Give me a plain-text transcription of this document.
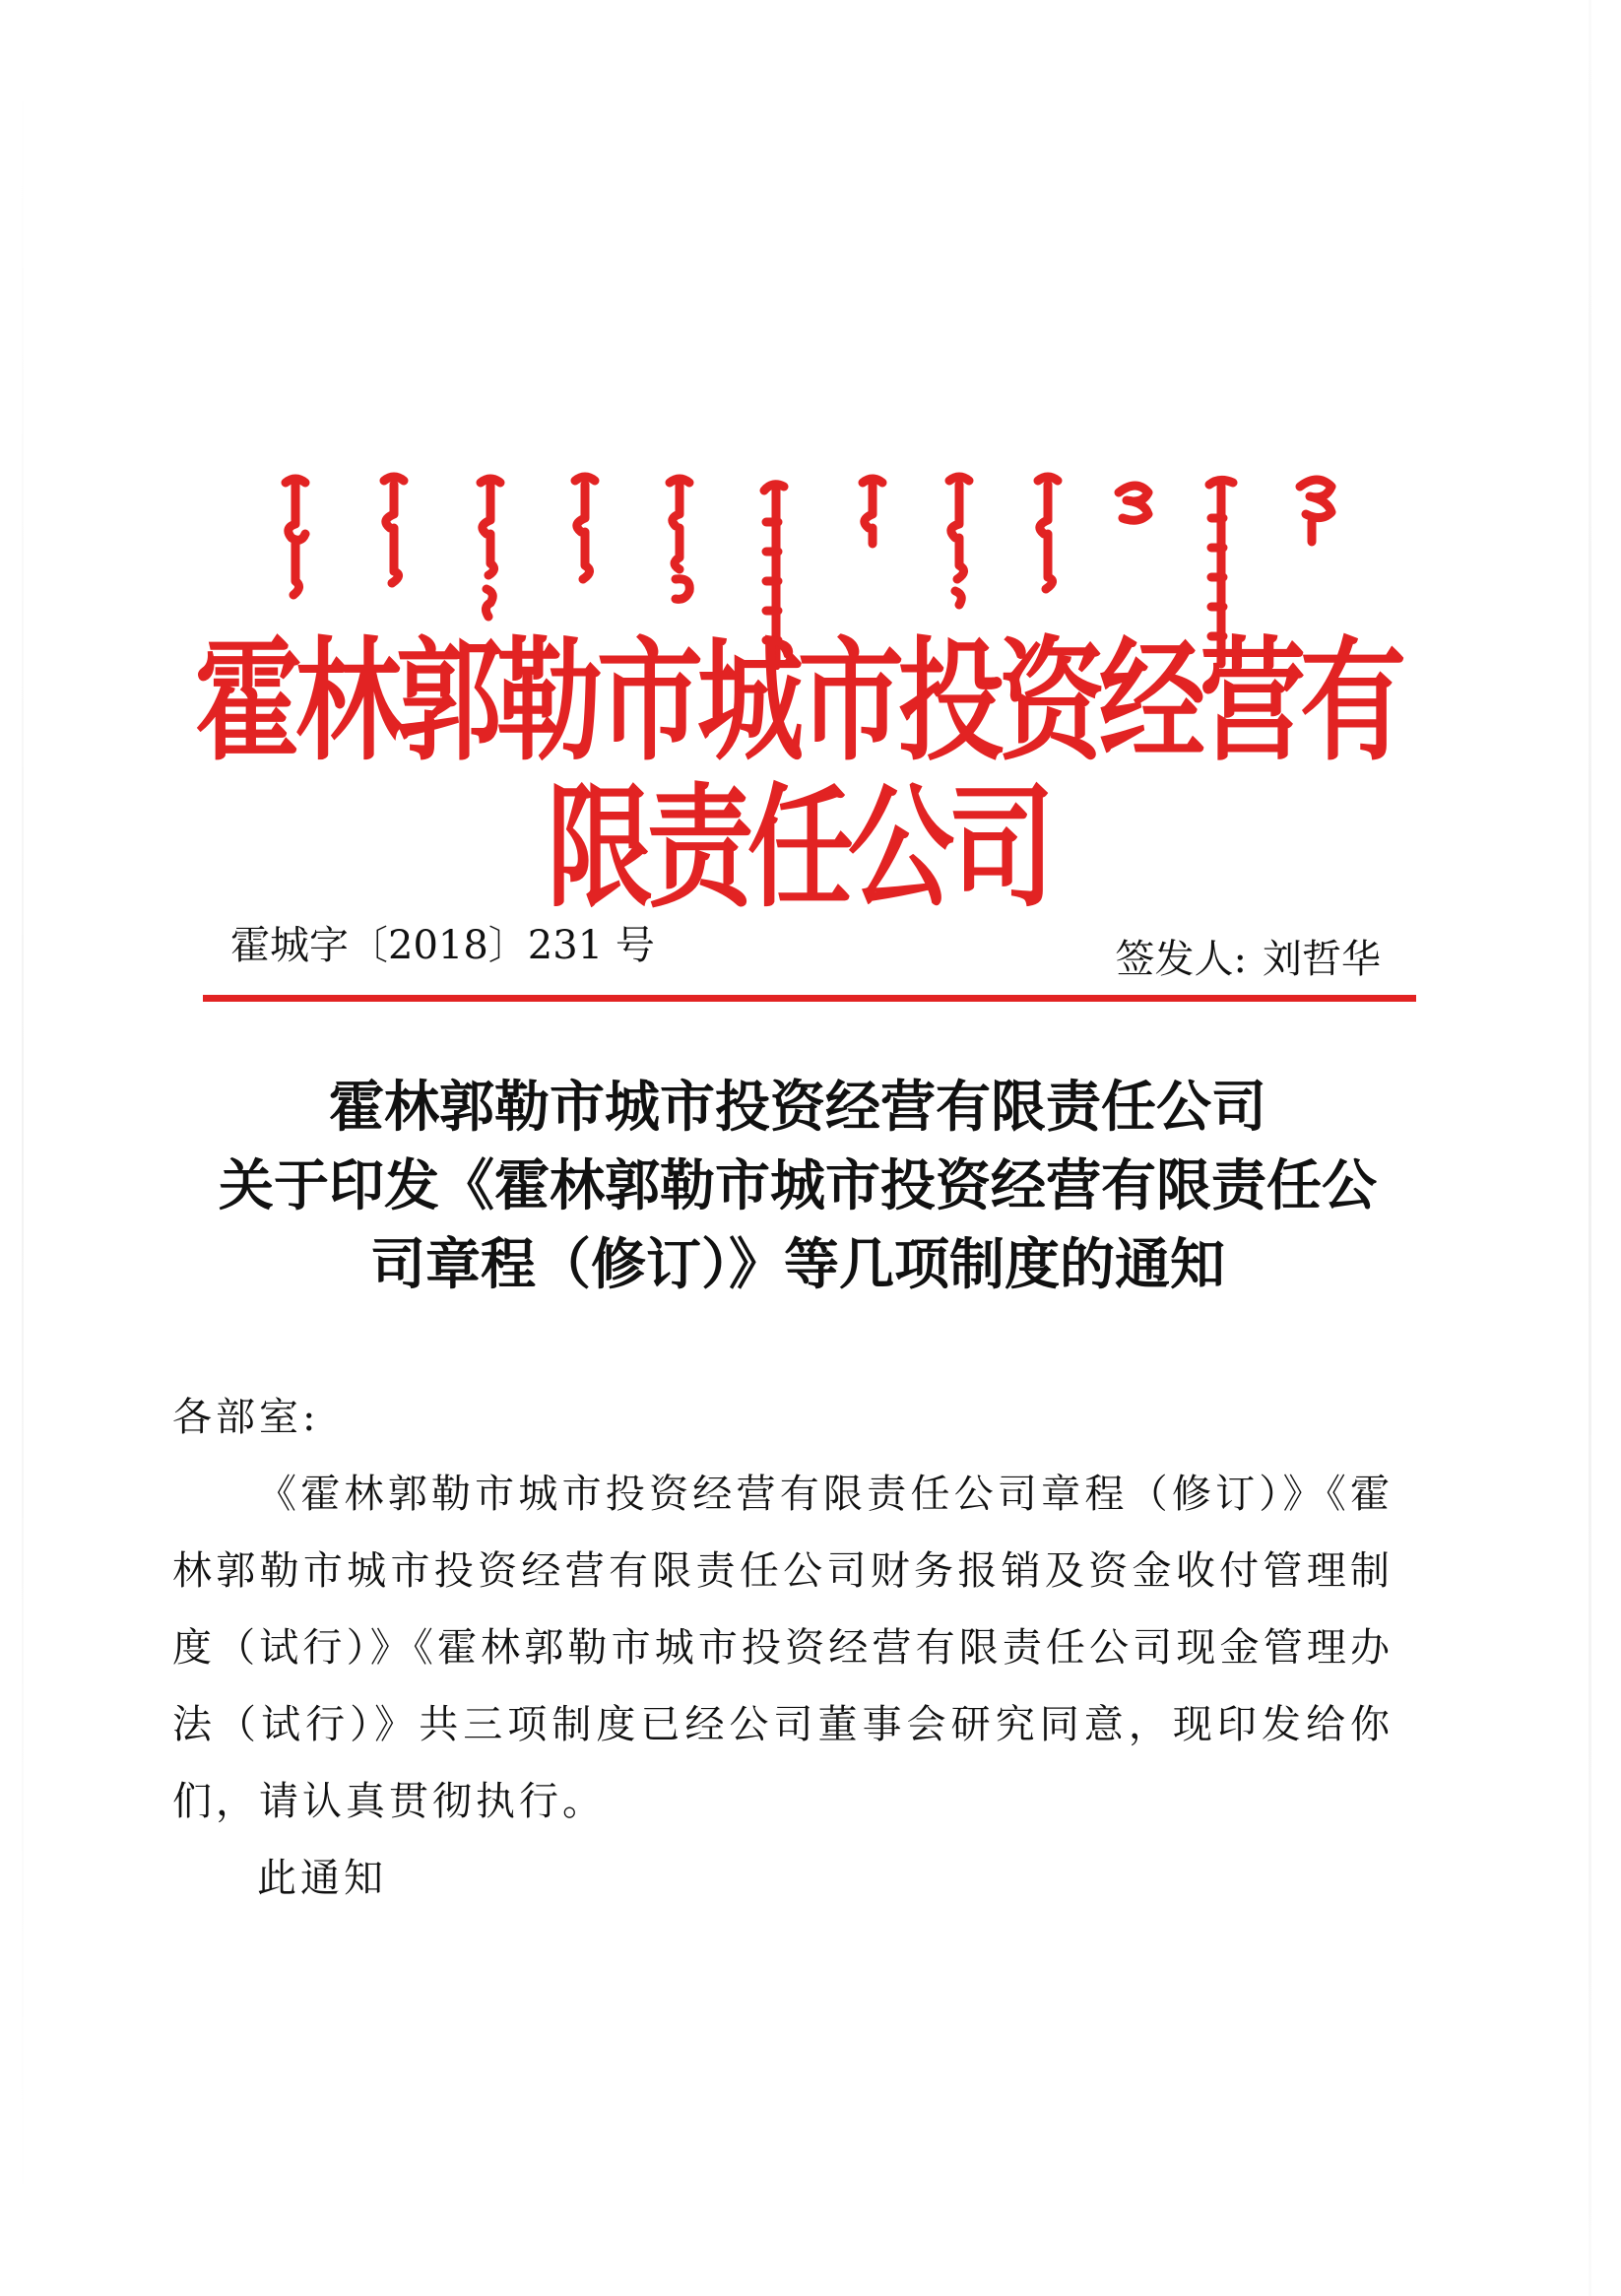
霍林郭勒市城市投资经营有限责任公司
霍城字〔2018〕231 号	签发人: 刘哲华
霍林郭勒市城市投资经营有限责任公司
关于印发《霍林郭勒市城市投资经营有限责任公
司章程（修订）》等几项制度的通知
各部室:
《霍林郭勒市城市投资经营有限责任公司章程（修订）》《霍林郭勒市城市投资经营有限责任公司财务报销及资金收付管理制度（试行）》《霍林郭勒市城市投资经营有限责任公司现金管理办法（试行）》共三项制度已经公司董事会研究同意，现印发给你们，请认真贯彻执行。
此通知
